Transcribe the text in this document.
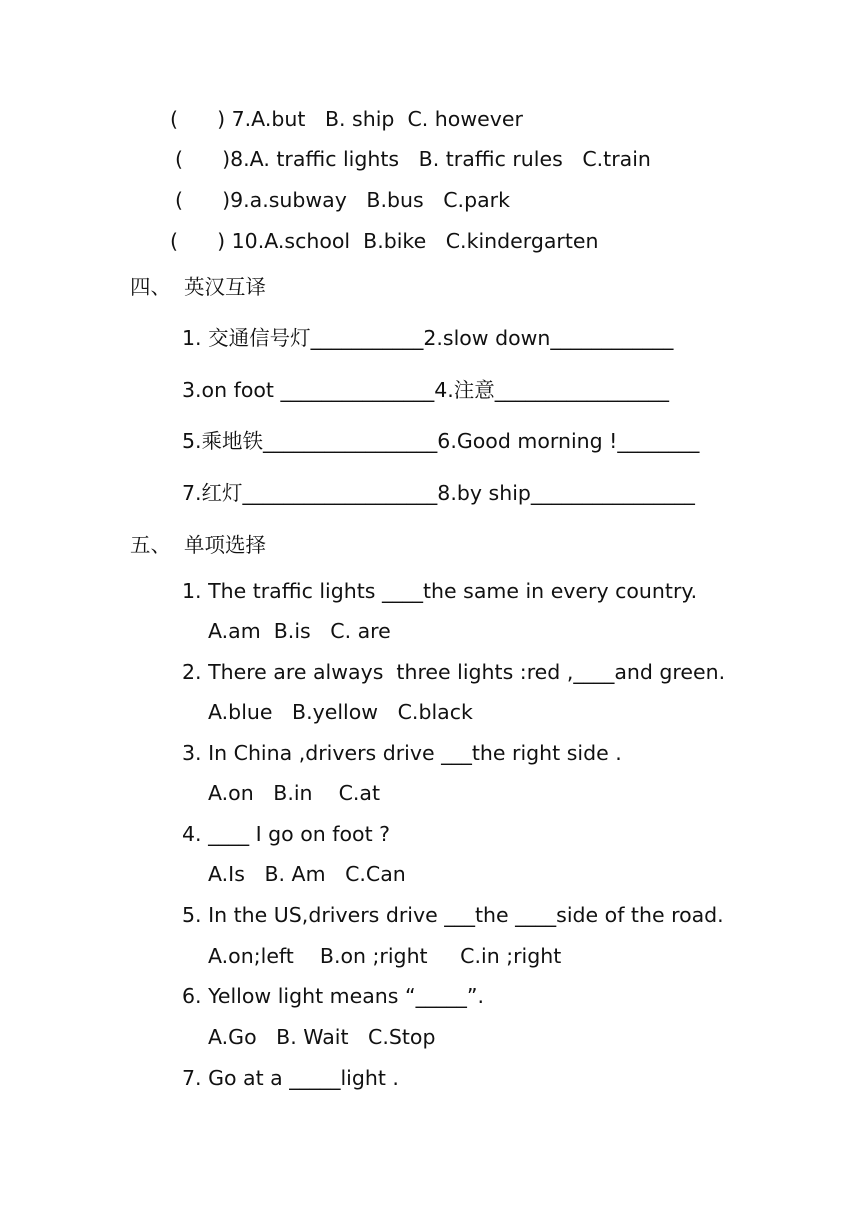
(      ) 7.A.but   B. ship  C. however
(      )8.A. traffic lights   B. traffic rules   C.train
(      )9.a.subway   B.bus   C.park
(      ) 10.A.school  B.bike   C.kindergarten
四、  英汉互译
1. 交通信号灯___________2.slow down____________
3.on foot _______________4.注意_________________
5.乘地铁_________________6.Good morning !________
7.红灯___________________8.by ship________________
五、  单项选择
1. The traffic lights ____the same in every country.
A.am  B.is   C. are
2. There are always  three lights :red ,____and green.
A.blue   B.yellow   C.black
3. In China ,drivers drive ___the right side .
A.on   B.in    C.at
4. ____ I go on foot ?
A.Is   B. Am   C.Can
5. In the US,drivers drive ___the ____side of the road.
A.on;left    B.on ;right     C.in ;right
6. Yellow light means “_____”.
A.Go   B. Wait   C.Stop
7. Go at a _____light .
